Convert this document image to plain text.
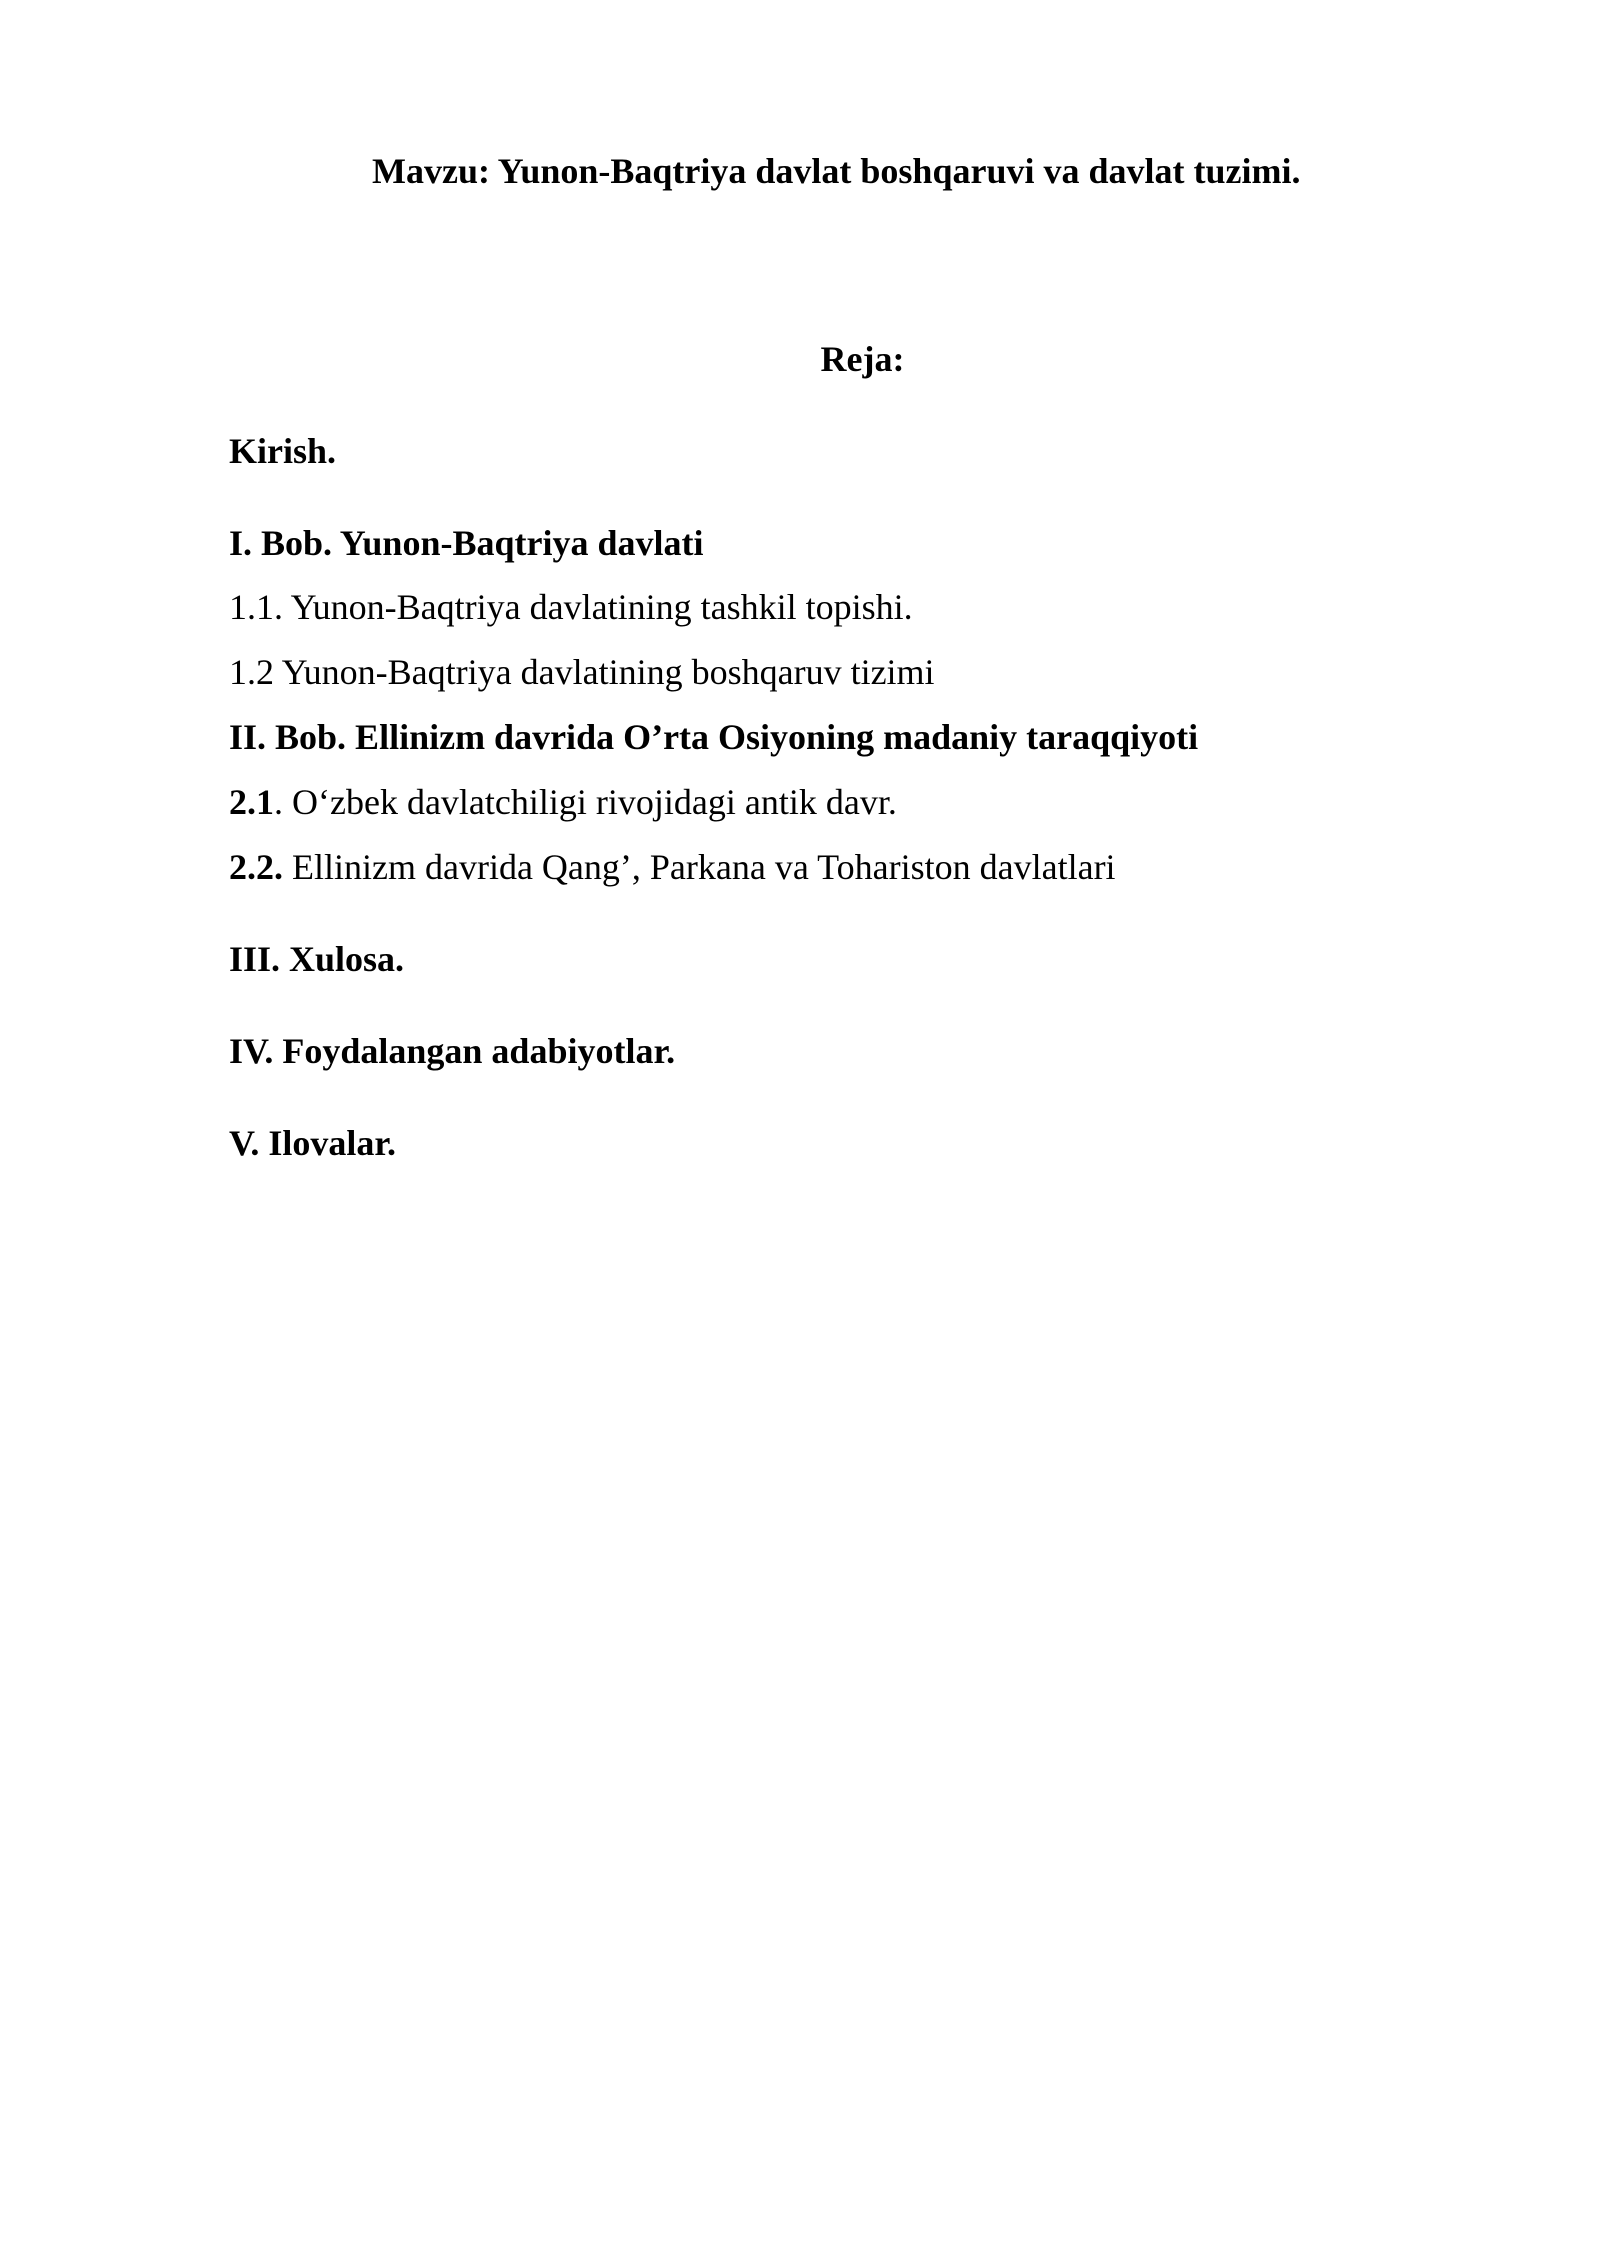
Mavzu: Yunon-Baqtriya davlat boshqaruvi va davlat tuzimi.
Reja:
Kirish.
I. Bob. Yunon-Baqtriya davlati
1.1. Yunon-Baqtriya davlatining tashkil topishi.
1.2 Yunon-Baqtriya davlatining boshqaruv tizimi
II. Bob. Ellinizm davrida O’rta Osiyoning madaniy taraqqiyoti
2.1. O‘zbek davlatchiligi rivojidagi antik davr.
2.2. Ellinizm davrida Qang’, Parkana va Tohariston davlatlari
III. Xulosa.
IV. Foydalangan adabiyotlar.
V. Ilovalar.
